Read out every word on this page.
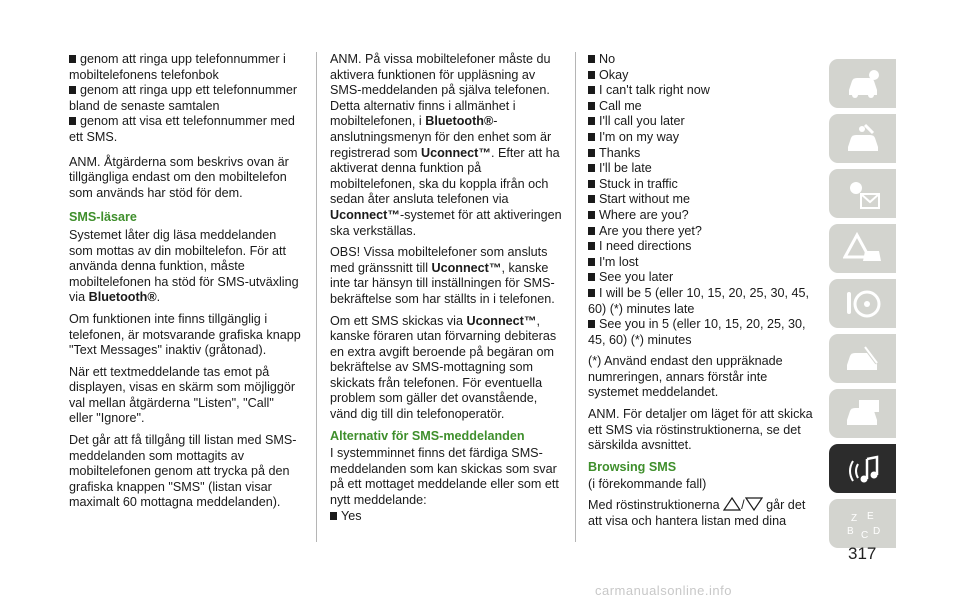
genom att ringa upp telefonnummer i mobiltelefonens telefonbok

genom att ringa upp ett telefonnummer bland de senaste samtalen

genom att visa ett telefonnummer med ett SMS.

ANM. Åtgärderna som beskrivs ovan är tillgängliga endast om den mobiltelefon som används har stöd för dem.

SMS-läsare

Systemet låter dig läsa meddelanden som mottas av din mobiltelefon. För att använda denna funktion, måste mobiltelefonen ha stöd för SMS-utväxling via Bluetooth®.

Om funktionen inte finns tillgänglig i telefonen, är motsvarande grafiska knapp "Text Messages" inaktiv (gråtonad).

När ett textmeddelande tas emot på displayen, visas en skärm som möjliggör val mellan åtgärderna "Listen", "Call" eller "Ignore".

Det går att få tillgång till listan med SMS-meddelanden som mottagits av mobiltelefonen genom att trycka på den grafiska knappen "SMS" (listan visar maximalt 60 mottagna meddelanden).

ANM. På vissa mobiltelefoner måste du aktivera funktionen för uppläsning av SMS-meddelanden på själva telefonen. Detta alternativ finns i allmänhet i mobiltelefonen, i Bluetooth®-anslutningsmenyn för den enhet som är registrerad som Uconnect™. Efter att ha aktiverat denna funktion på mobiltelefonen, ska du koppla ifrån och sedan åter ansluta telefonen via Uconnect™-systemet för att aktiveringen ska verkställas.

OBS! Vissa mobiltelefoner som ansluts med gränssnitt till Uconnect™, kanske inte tar hänsyn till inställningen för SMS-bekräftelse som har ställts in i telefonen.

Om ett SMS skickas via Uconnect™, kanske föraren utan förvarning debiteras en extra avgift beroende på begäran om bekräftelse av SMS-mottagning som skickats från telefonen. För eventuella problem som gäller det ovanstående, vänd dig till din telefonoperatör.

Alternativ för SMS-meddelanden

I systemminnet finns det färdiga SMS-meddelanden som kan skickas som svar på ett mottaget meddelande eller som ett nytt meddelande:

Yes

No

Okay

I can't talk right now

Call me

I'll call you later

I'm on my way

Thanks

I'll be late

Stuck in traffic

Start without me

Where are you?

Are you there yet?

I need directions

I'm lost

See you later

I will be 5 (eller 10, 15, 20, 25, 30, 45, 60) (*) minutes late

See you in 5 (eller 10, 15, 20, 25, 30, 45, 60) (*) minutes

(*) Använd endast den uppräknade numreringen, annars förstår inte systemet meddelandet.

ANM. För detaljer om läget för att skicka ett SMS via röstinstruktionerna, se det särskilda avsnittet.

Browsing SMS

(i förekommande fall)

Med röstinstruktionerna / går det att visa och hantera listan med dina	Z E
B C D
317
carmanualsonline.info
